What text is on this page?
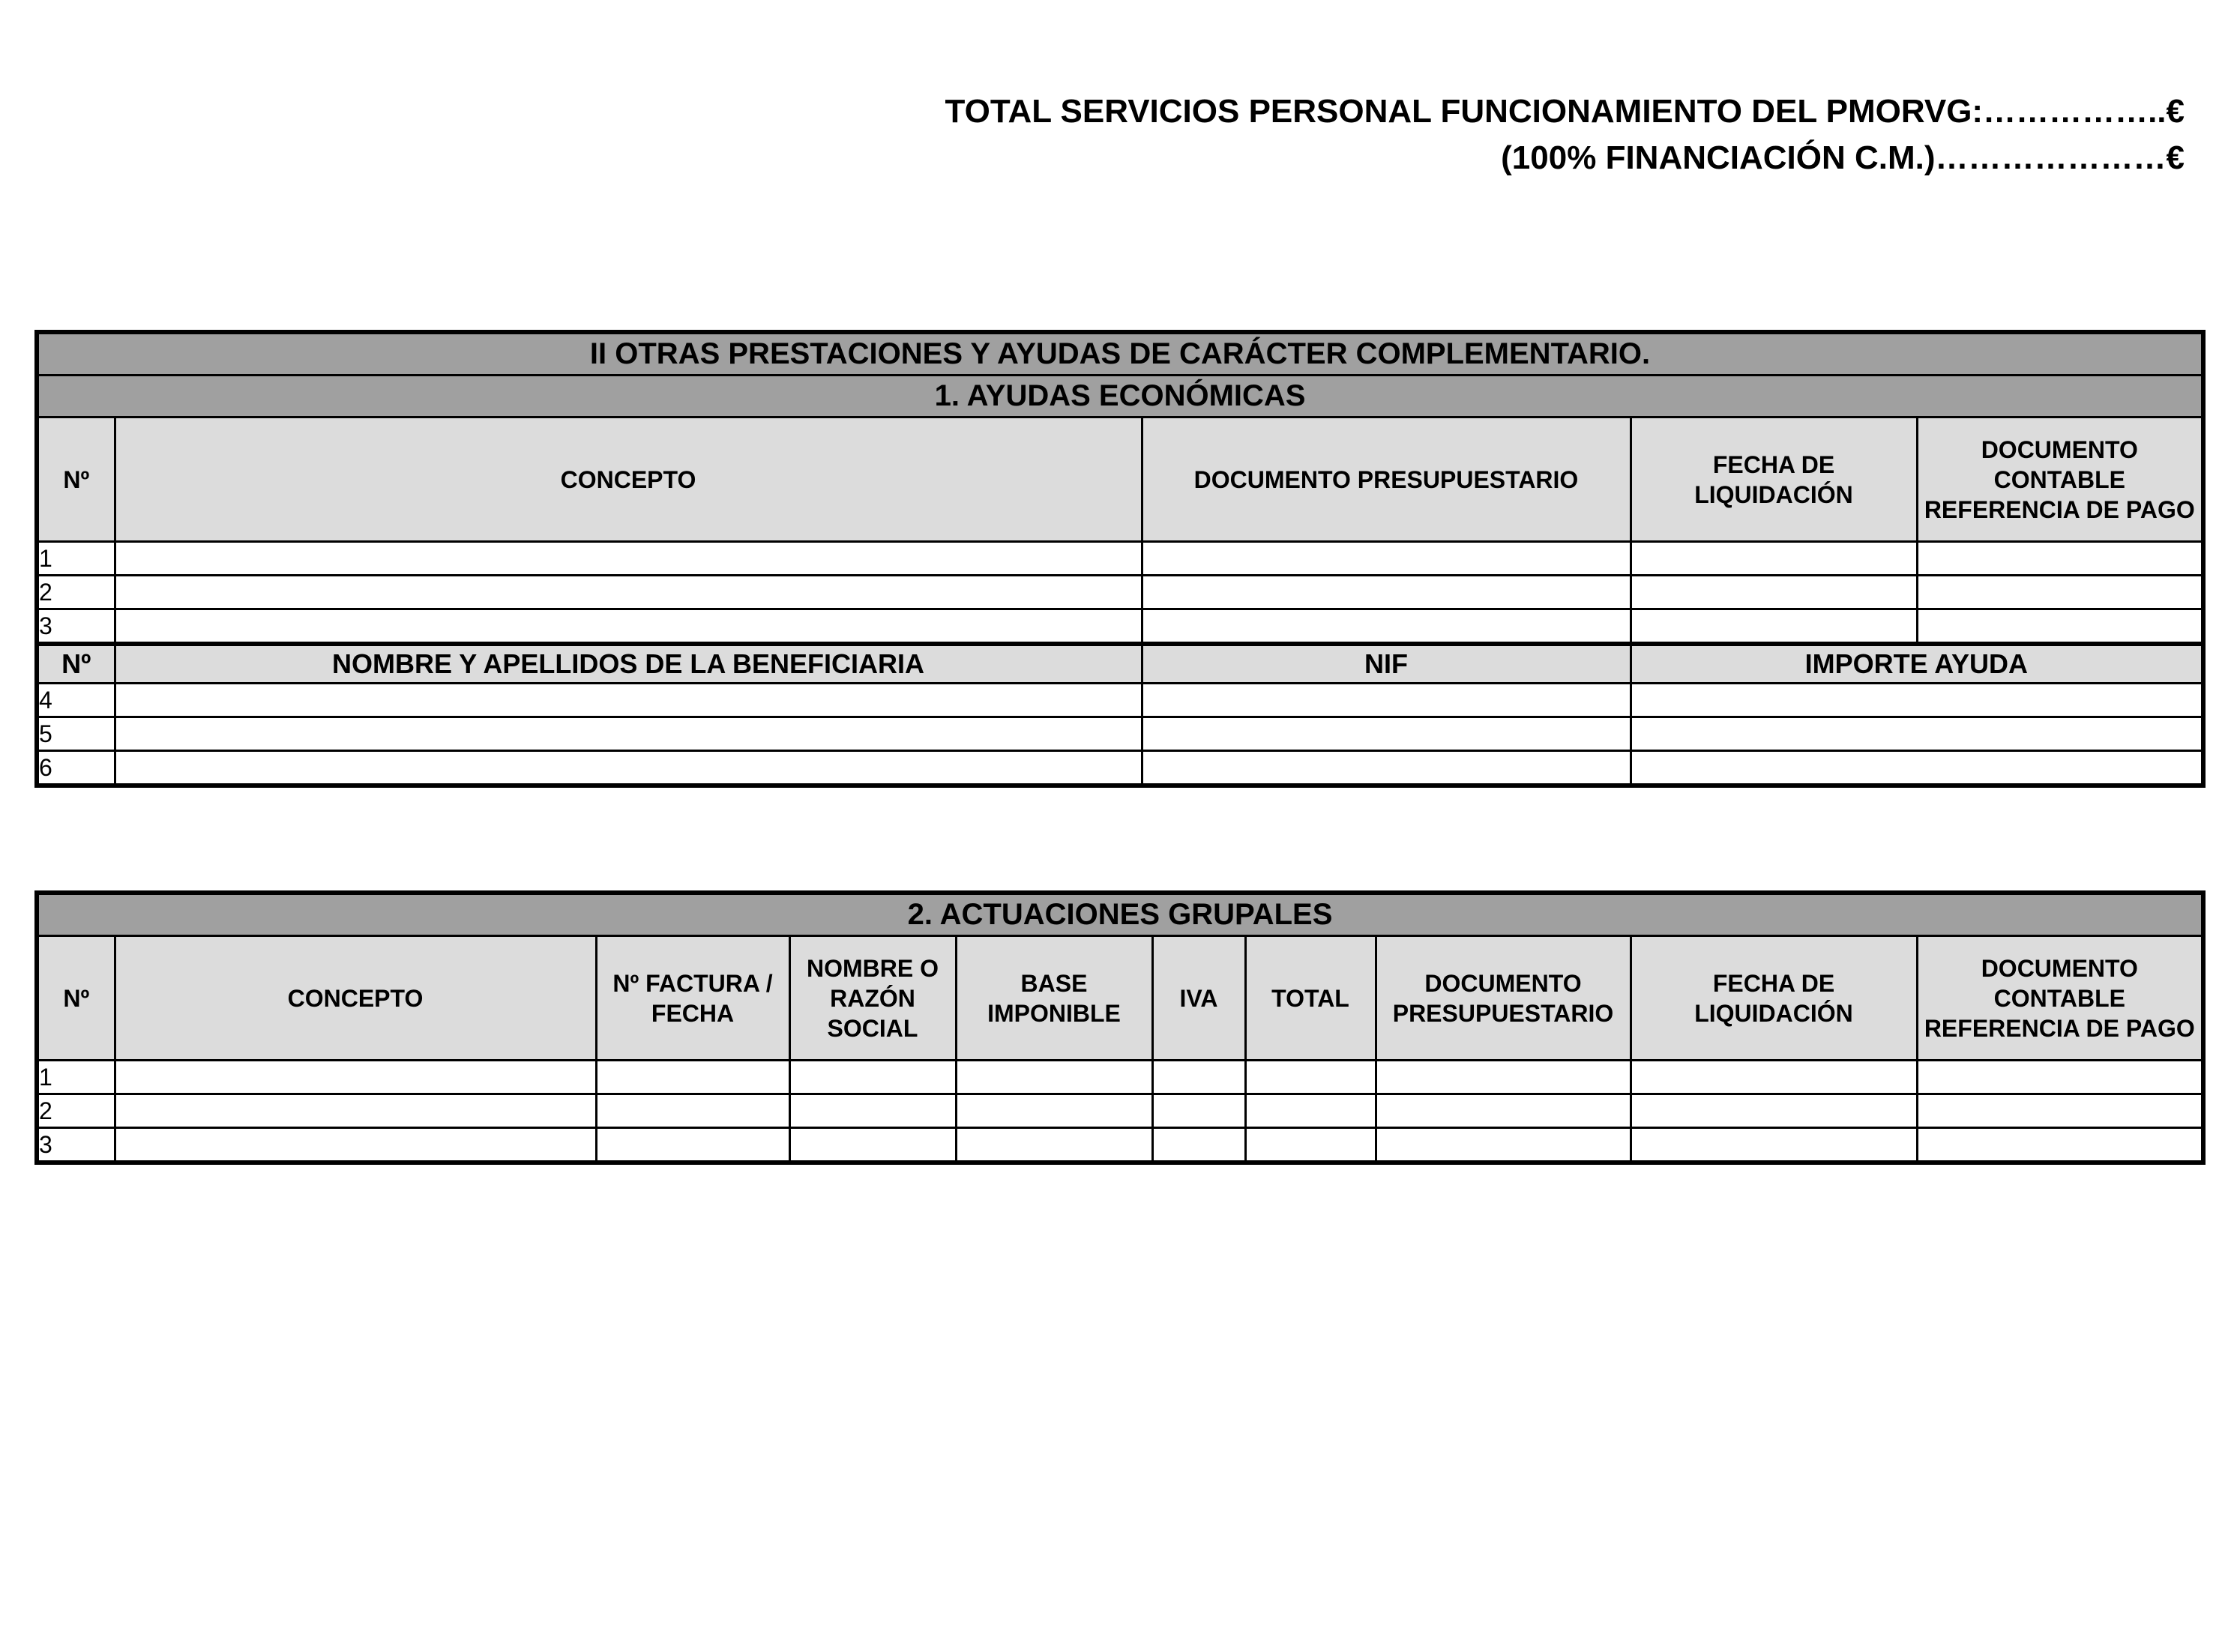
TOTAL SERVICIOS PERSONAL FUNCIONAMIENTO DEL PMORVG:……………..€
(100% FINANCIACIÓN C.M.)…………………€
II OTRAS PRESTACIONES Y AYUDAS DE CARÁCTER COMPLEMENTARIO.				
1. AYUDAS ECONÓMICAS				
Nº	CONCEPTO	DOCUMENTO PRESUPUESTARIO	FECHA DE LIQUIDACIÓN	DOCUMENTO CONTABLE REFERENCIA DE PAGO
1				
2				
3				
Nº	NOMBRE Y APELLIDOS DE LA BENEFICIARIA	NIF	IMPORTE AYUDA	
4				
5				
6				
2. ACTUACIONES GRUPALES									
Nº	CONCEPTO	Nº FACTURA / FECHA	NOMBRE O RAZÓN SOCIAL	BASE IMPONIBLE	IVA	TOTAL	DOCUMENTO PRESUPUESTARIO	FECHA DE LIQUIDACIÓN	DOCUMENTO CONTABLE REFERENCIA DE PAGO
1									
2									
3									
